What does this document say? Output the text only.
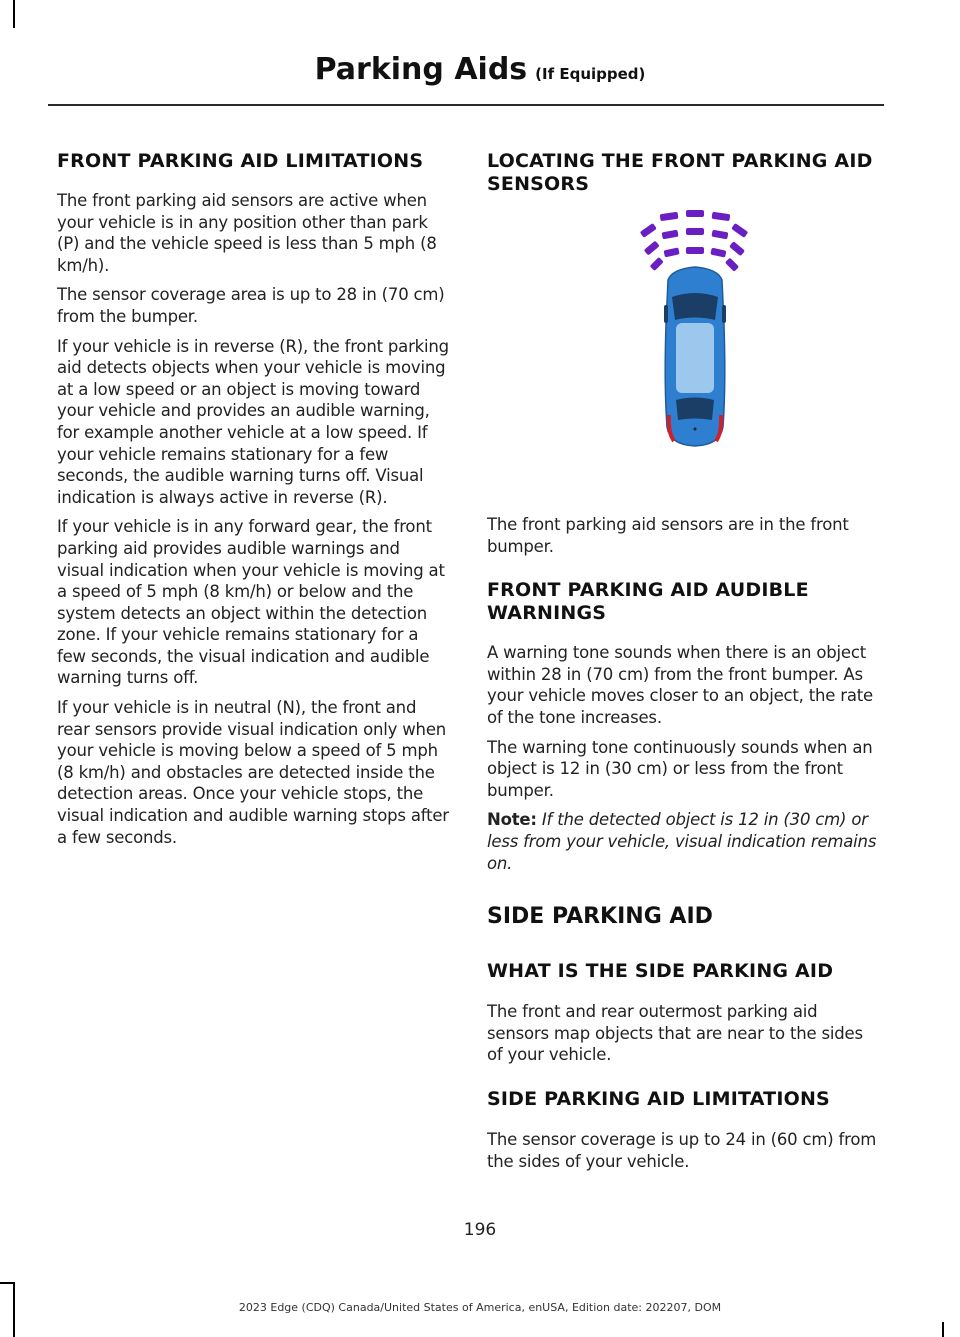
Parking Aids (If Equipped)
FRONT PARKING AID LIMITATIONS

The front parking aid sensors are active when your vehicle is in any position other than park (P) and the vehicle speed is less than 5 mph (8 km/h).

The sensor coverage area is up to 28 in (70 cm) from the bumper.

If your vehicle is in reverse (R), the front parking aid detects objects when your vehicle is moving at a low speed or an object is moving toward your vehicle and provides an audible warning, for example another vehicle at a low speed. If your vehicle remains stationary for a few seconds, the audible warning turns off. Visual indication is always active in reverse (R).

If your vehicle is in any forward gear, the front parking aid provides audible warnings and visual indication when your vehicle is moving at a speed of 5 mph (8 km/h) or below and the system detects an object within the detection zone. If your vehicle remains stationary for a few seconds, the visual indication and audible warning turns off.

If your vehicle is in neutral (N), the front and rear sensors provide visual indication only when your vehicle is moving below a speed of 5 mph (8 km/h) and obstacles are detected inside the detection areas. Once your vehicle stops, the visual indication and audible warning stops after a few seconds.

LOCATING THE FRONT PARKING AID SENSORS

The front parking aid sensors are in the front bumper.

FRONT PARKING AID AUDIBLE WARNINGS

A warning tone sounds when there is an object within 28 in (70 cm) from the front bumper. As your vehicle moves closer to an object, the rate of the tone increases.

The warning tone continuously sounds when an object is 12 in (30 cm) or less from the front bumper.

Note: If the detected object is 12 in (30 cm) or less from your vehicle, visual indication remains on.

SIDE PARKING AID
WHAT IS THE SIDE PARKING AID

The front and rear outermost parking aid sensors map objects that are near to the sides of your vehicle.

SIDE PARKING AID LIMITATIONS

The sensor coverage is up to 24 in (60 cm) from the sides of your vehicle.

196
2023 Edge (CDQ) Canada/United States of America, enUSA, Edition date: 202207, DOM
